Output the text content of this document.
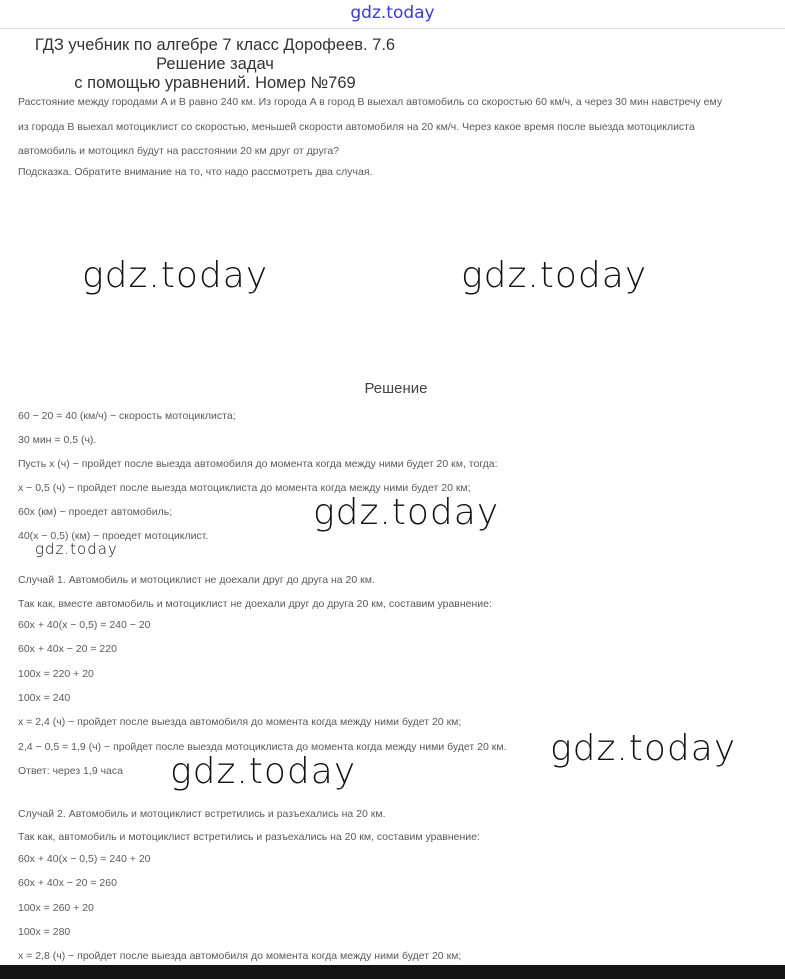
gdz.today
ГДЗ учебник по алгебре 7 класс Дорофеев. 7.6 Решение задач
с помощью уравнений. Номер №769
Расстояние между городами A и B равно 240 км. Из города A в город B выехал автомобиль со скоростью 60 км/ч, а через 30 мин навстречу ему
из города B выехал мотоциклист со скоростью, меньшей скорости автомобиля на 20 км/ч. Через какое время после выезда мотоциклиста
автомобиль и мотоцикл будут на расстоянии 20 км друг от друга?
Подсказка. Обратите внимание на то, что надо рассмотреть два случая.
Решение
60 − 20 = 40 (км/ч) − скорость мотоциклиста;
30 мин = 0,5 (ч).
Пусть x (ч) − пройдет после выезда автомобиля до момента когда между ними будет 20 км, тогда:
x − 0,5 (ч) − пройдет после выезда мотоциклиста до момента когда между ними будет 20 км;
60x (км) − проедет автомобиль;
40(x − 0,5) (км) − проедет мотоциклист.
Случай 1. Автомобиль и мотоциклист не доехали друг до друга на 20 км.
Так как, вместе автомобиль и мотоциклист не доехали друг до друга 20 км, составим уравнение:
60x + 40(x − 0,5) = 240 − 20
60x + 40x − 20 = 220
100x = 220 + 20
100x = 240
x = 2,4 (ч) − пройдет после выезда автомобиля до момента когда между ними будет 20 км;
2,4 − 0,5 = 1,9 (ч) − пройдет после выезда мотоциклиста до момента когда между ними будет 20 км.
Ответ: через 1,9 часа
Случай 2. Автомобиль и мотоциклист встретились и разъехались на 20 км.
Так как, автомобиль и мотоциклист встретились и разъехались на 20 км, составим уравнение:
60x + 40(x − 0,5) = 240 + 20
60x + 40x − 20 = 260
100x = 260 + 20
100x = 280
x = 2,8 (ч) − пройдет после выезда автомобиля до момента когда между ними будет 20 км;
gdz.today	gdz.today
gdz.today
gdz.today
gdz.today
gdz.today
